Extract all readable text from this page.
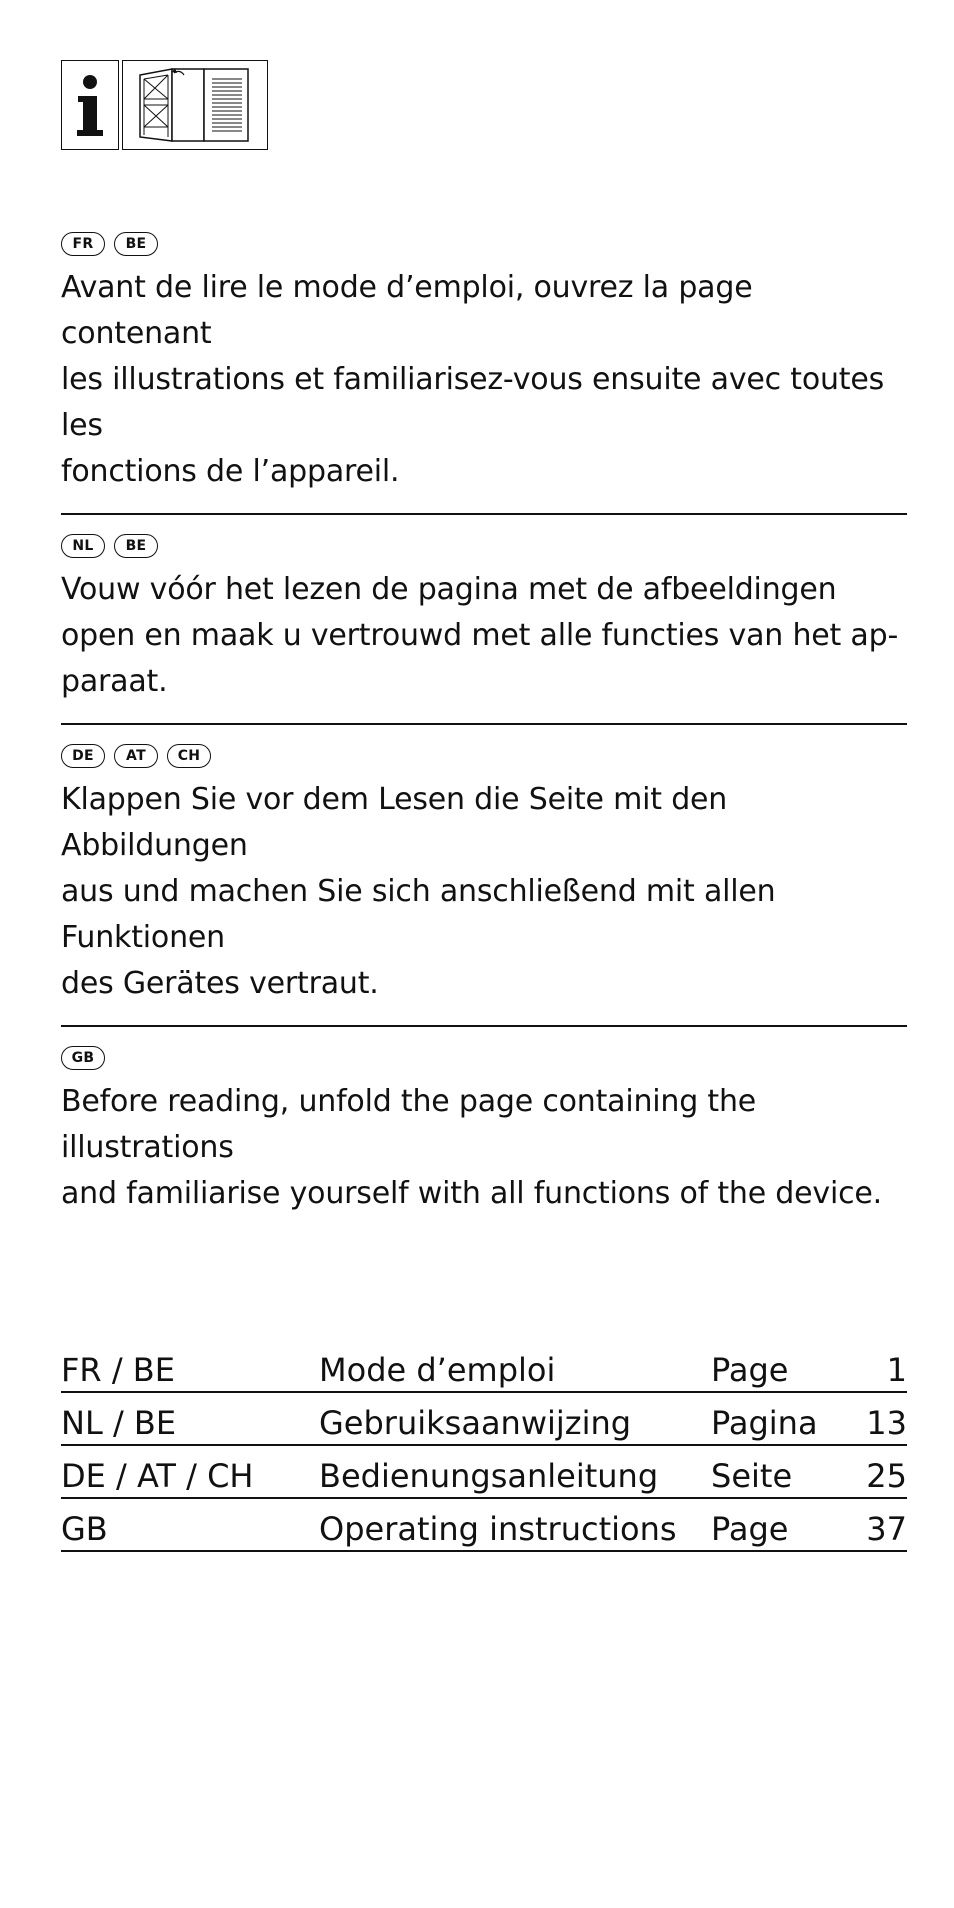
FR	BE

Avant de lire le mode d’emploi, ouvrez la page contenant
les illustrations et familiarisez-vous ensuite avec toutes les
fonctions de l’appareil.

NL	BE

Vouw vóór het lezen de pagina met de afbeeldingen
open en maak u vertrouwd met alle functies van het ap-
paraat.

DE	AT	CH

Klappen Sie vor dem Lesen die Seite mit den Abbildungen
aus und machen Sie sich anschließend mit allen Funktionen
des Gerätes vertraut.

GB

Before reading, unfold the page containing the illustrations
and familiarise yourself with all functions of the device.

FR / BE	Mode d’emploi	Page	1
NL / BE	Gebruiksaanwijzing	Pagina	13
DE / AT / CH	Bedienungsanleitung	Seite	25
GB	Operating instructions	Page	37
